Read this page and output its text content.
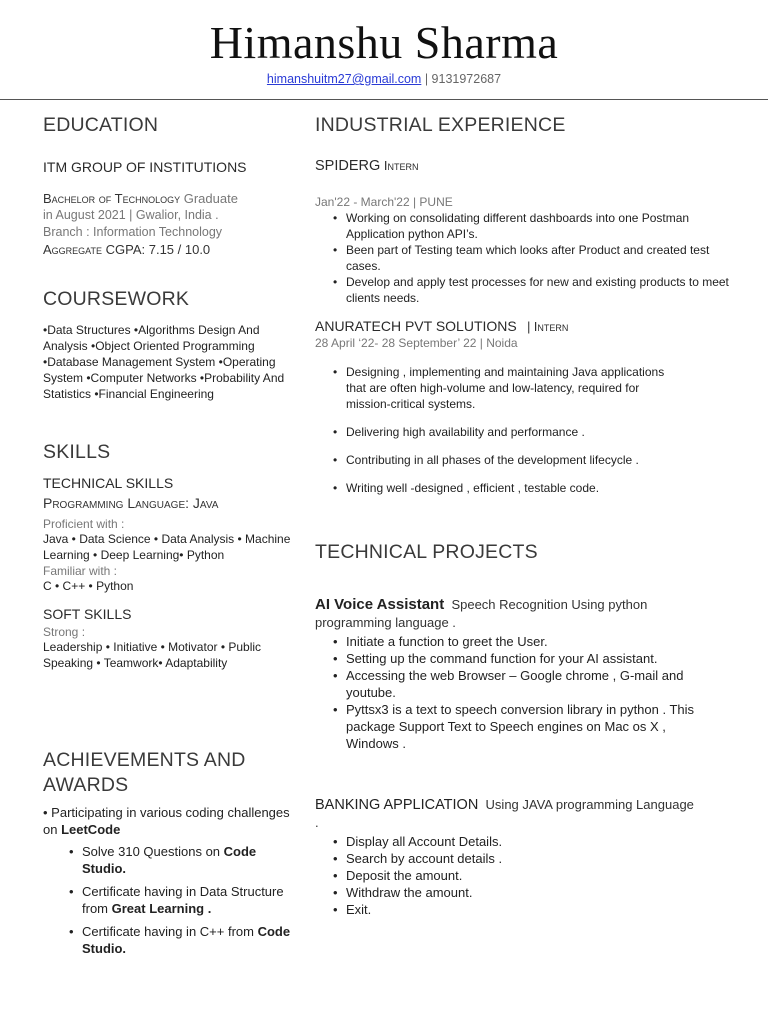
Himanshu Sharma
himanshuitm27@gmail.com | 9131972687
EDUCATION
ITM GROUP OF INSTITUTIONS
Bachelor of Technology Graduate
in August 2021 | Gwalior, India .
Branch : Information Technology
Aggregate CGPA: 7.15 / 10.0
COURSEWORK
•Data Structures •Algorithms Design And Analysis •Object Oriented Programming •Database Management System •Operating System •Computer Networks •Probability And Statistics •Financial Engineering
SKILLS
TECHNICAL SKILLS
Programming Language: Java
Proficient with :
Java • Data Science • Data Analysis • Machine Learning • Deep Learning• Python
Familiar with :
C • C++ • Python
SOFT SKILLS
Strong :
Leadership • Initiative • Motivator • Public Speaking • Teamwork• Adaptability
ACHIEVEMENTS AND
AWARDS
• Participating in various coding challenges on LeetCode
• Solve 310 Questions on Code Studio.
• Certificate having in Data Structure from Great Learning .
• Certificate having in C++ from Code Studio.
INDUSTRIAL EXPERIENCE
SPIDERG Intern
Jan'22 - March'22 | PUNE
• Working on consolidating different dashboards into one Postman Application python API’s.
• Been part of Testing team which looks after Product and created test cases.
• Develop and apply test processes for new and existing products to meet clients needs.
ANURATECH PVT SOLUTIONS   | Intern
28 April ‘22- 28 September’ 22 | Noida
• Designing , implementing and maintaining Java applications that are often high-volume and low-latency, required for mission-critical systems.
• Delivering high availability and performance .
• Contributing in all phases of the development lifecycle .
• Writing well -designed , efficient , testable code.
TECHNICAL PROJECTS
AI Voice Assistant  Speech Recognition Using python programming language .
• Initiate a function to greet the User.
• Setting up the command function for your AI assistant.
• Accessing the web Browser – Google chrome , G-mail and youtube.
• Pyttsx3 is a text to speech conversion library in python . This package Support Text to Speech engines on Mac os X , Windows .
BANKING APPLICATION  Using JAVA programming Language .
• Display all Account Details.
• Search by account details .
• Deposit the amount.
• Withdraw the amount.
• Exit.
